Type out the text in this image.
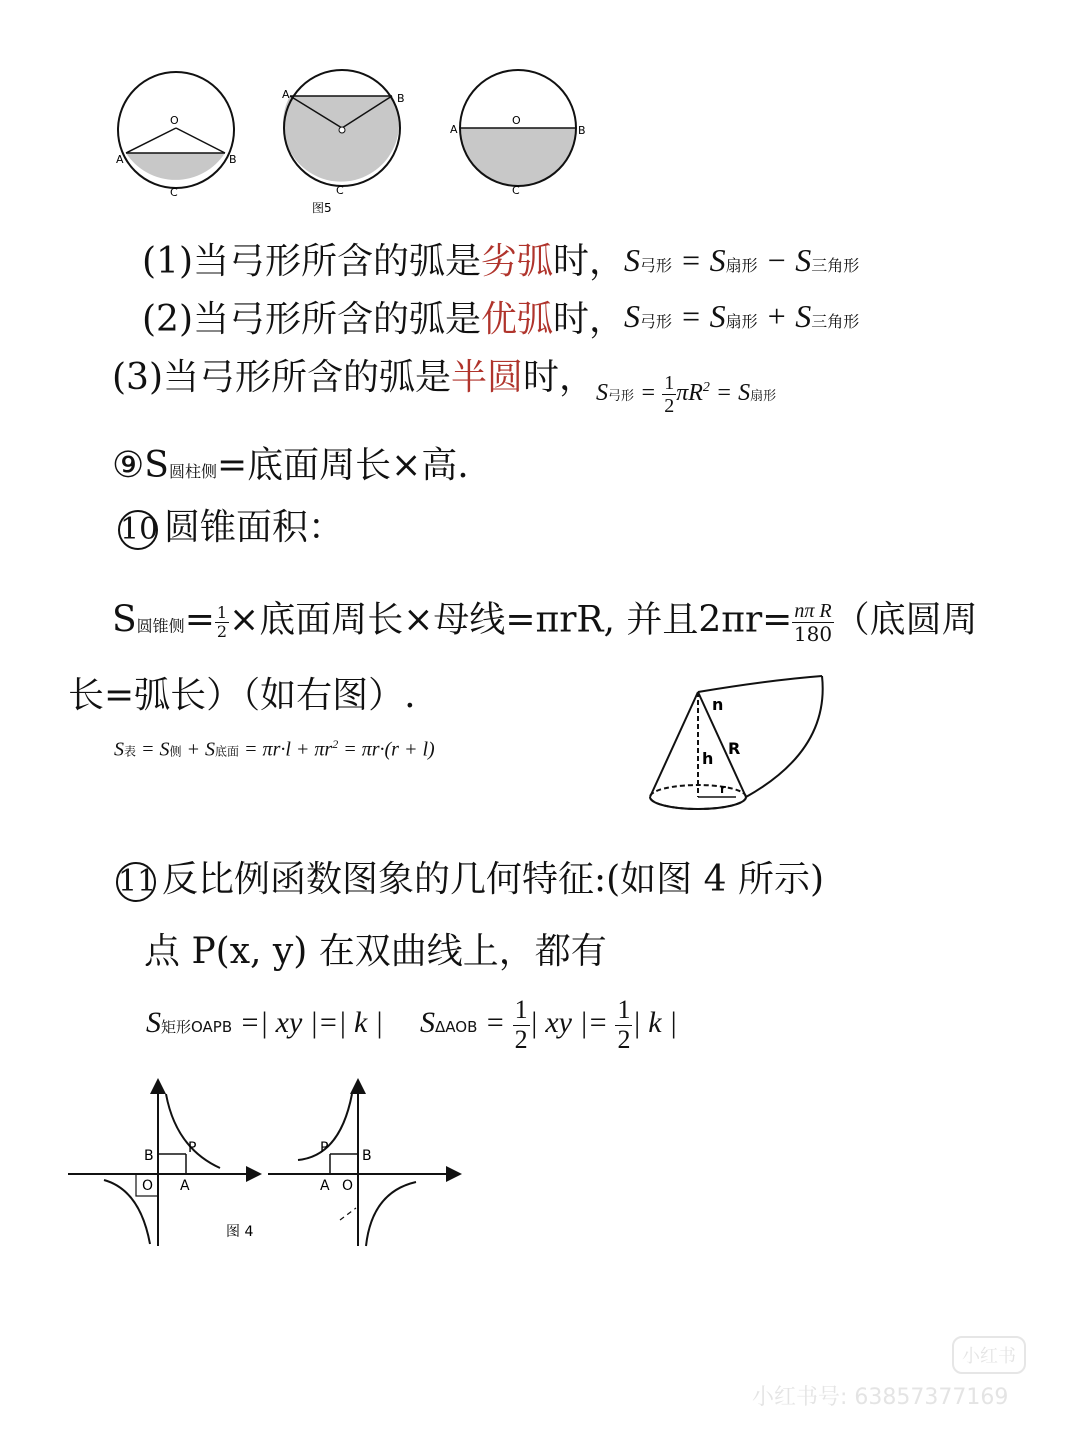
O
A	B
C
A	B
C
O
A	B
C
图5
(1)当弓形所含的弧是劣弧时，
S弓形 = S扇形 − S三角形
(2)当弓形所含的弧是优弧时，
S弓形 = S扇形 + S三角形
(3)当弓形所含的弧是半圆时， S弓形 = $\frac{1}{2} \pi R^2 = S$扇形
⑨S圆柱侧=底面周长×高.
10 圆锥面积：
S圆锥侧= $\frac{1}{2}$ ×底面周长×母线=πrR, 并且$2\pi r= \frac{\text{nπ R}}{180}$ （底圆周
长=弧长）（如右图）.
S表 = S侧 + S底面 = $\pi r\cdot l + \pi r^2 = \pi r\cdot(r + l)$
n
h
R
r
11 反比例函数图象的几何特征:(如图 4 所示)
点 P(x, y) 在双曲线上，都有
S矩形OAPB =| xy |=| k | $S\Delta AOB = \frac{1}{2}$ | xy |= $\frac{1}{2}$ | k |
B P
O A
图 4
P B
A O
小红书
小红书号: 63857377169
